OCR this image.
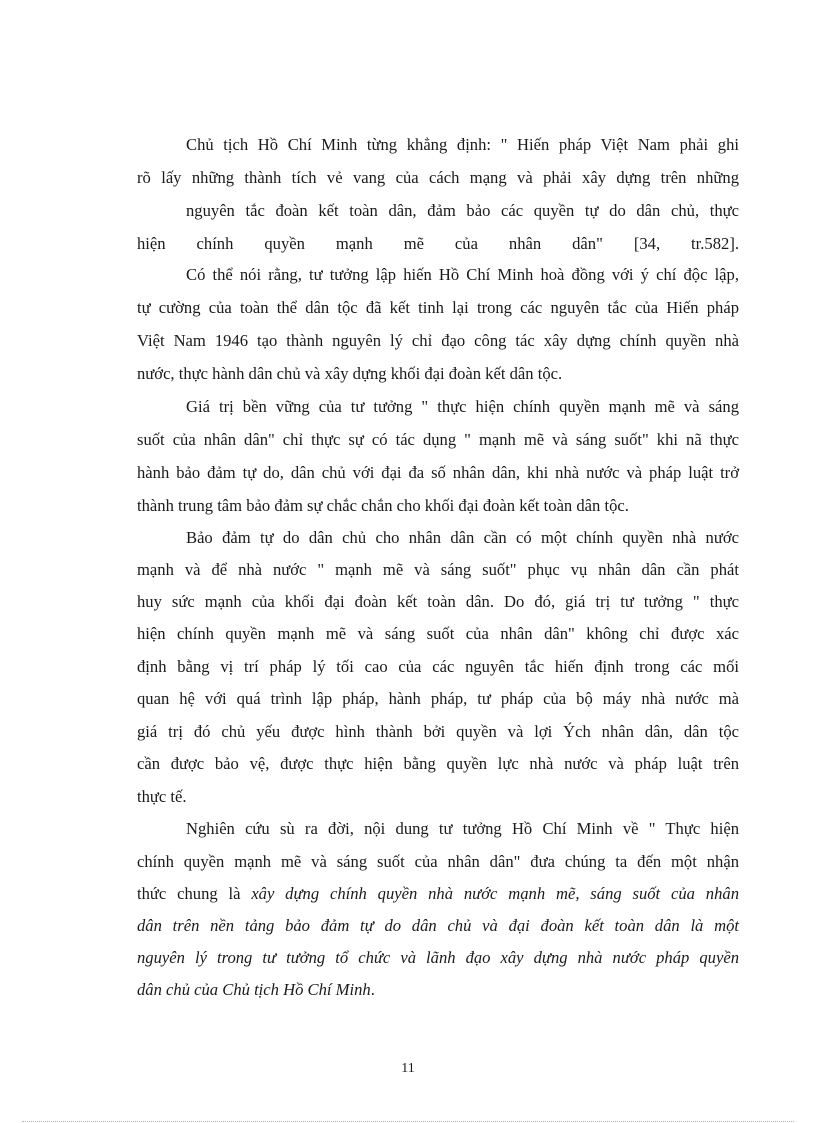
Chủ tịch Hồ Chí Minh từng khẳng định: " Hiến pháp Việt Nam phải ghi
rõ lấy những thành tích vẻ vang của cách mạng và phải xây dựng trên những
nguyên tắc đoàn kết toàn dân, đảm bảo các quyền tự do dân chủ, thực
hiện chính quyền mạnh mẽ của nhân dân" [34, tr.582].
Có thể nói rằng, tư tưởng lập hiến Hồ Chí Minh hoà đồng với ý chí độc lập,
tự cường của toàn thể dân tộc đã kết tinh lại trong các nguyên tắc của Hiến pháp
Việt Nam 1946 tạo thành nguyên lý chỉ đạo công tác xây dựng chính quyền nhà
nước, thực hành dân chủ và xây dựng khối đại đoàn kết dân tộc.
Giá trị bền vững của tư tưởng " thực hiện chính quyền mạnh mẽ và sáng
suốt của nhân dân" chỉ thực sự có tác dụng " mạnh mẽ và sáng suốt" khi nã thực
hành bảo đảm tự do, dân chủ với đại đa số nhân dân, khi nhà nước và pháp luật trở
thành trung tâm bảo đảm sự chắc chắn cho khối đại đoàn kết toàn dân tộc.
Bảo đảm tự do dân chủ cho nhân dân cần có một chính quyền nhà nước
mạnh và để nhà nước " mạnh mẽ và sáng suốt" phục vụ nhân dân cần phát
huy sức mạnh của khối đại đoàn kết toàn dân. Do đó, giá trị tư tưởng " thực
hiện chính quyền mạnh mẽ và sáng suốt của nhân dân" không chỉ được xác
định bằng vị trí pháp lý tối cao của các nguyên tắc hiến định trong các mối
quan hệ với quá trình lập pháp, hành pháp, tư pháp của bộ máy nhà nước mà
giá trị đó chủ yếu được hình thành bởi quyền và lợi Ých nhân dân, dân tộc
cần được bảo vệ, được thực hiện bằng quyền lực nhà nước và pháp luật trên
thực tế.
Nghiên cứu sù ra đời, nội dung tư tưởng Hồ Chí Minh về " Thực hiện
chính quyền mạnh mẽ và sáng suốt của nhân dân" đưa chúng ta đến một nhận
thức chung là xây dựng chính quyền nhà nước mạnh mẽ, sáng suốt của nhân
dân trên nền tảng bảo đảm tự do dân chủ và đại đoàn kết toàn dân là một
nguyên lý trong tư tưởng tổ chức và lãnh đạo xây dựng nhà nước pháp quyền
dân chủ của Chủ tịch Hồ Chí Minh.
11
